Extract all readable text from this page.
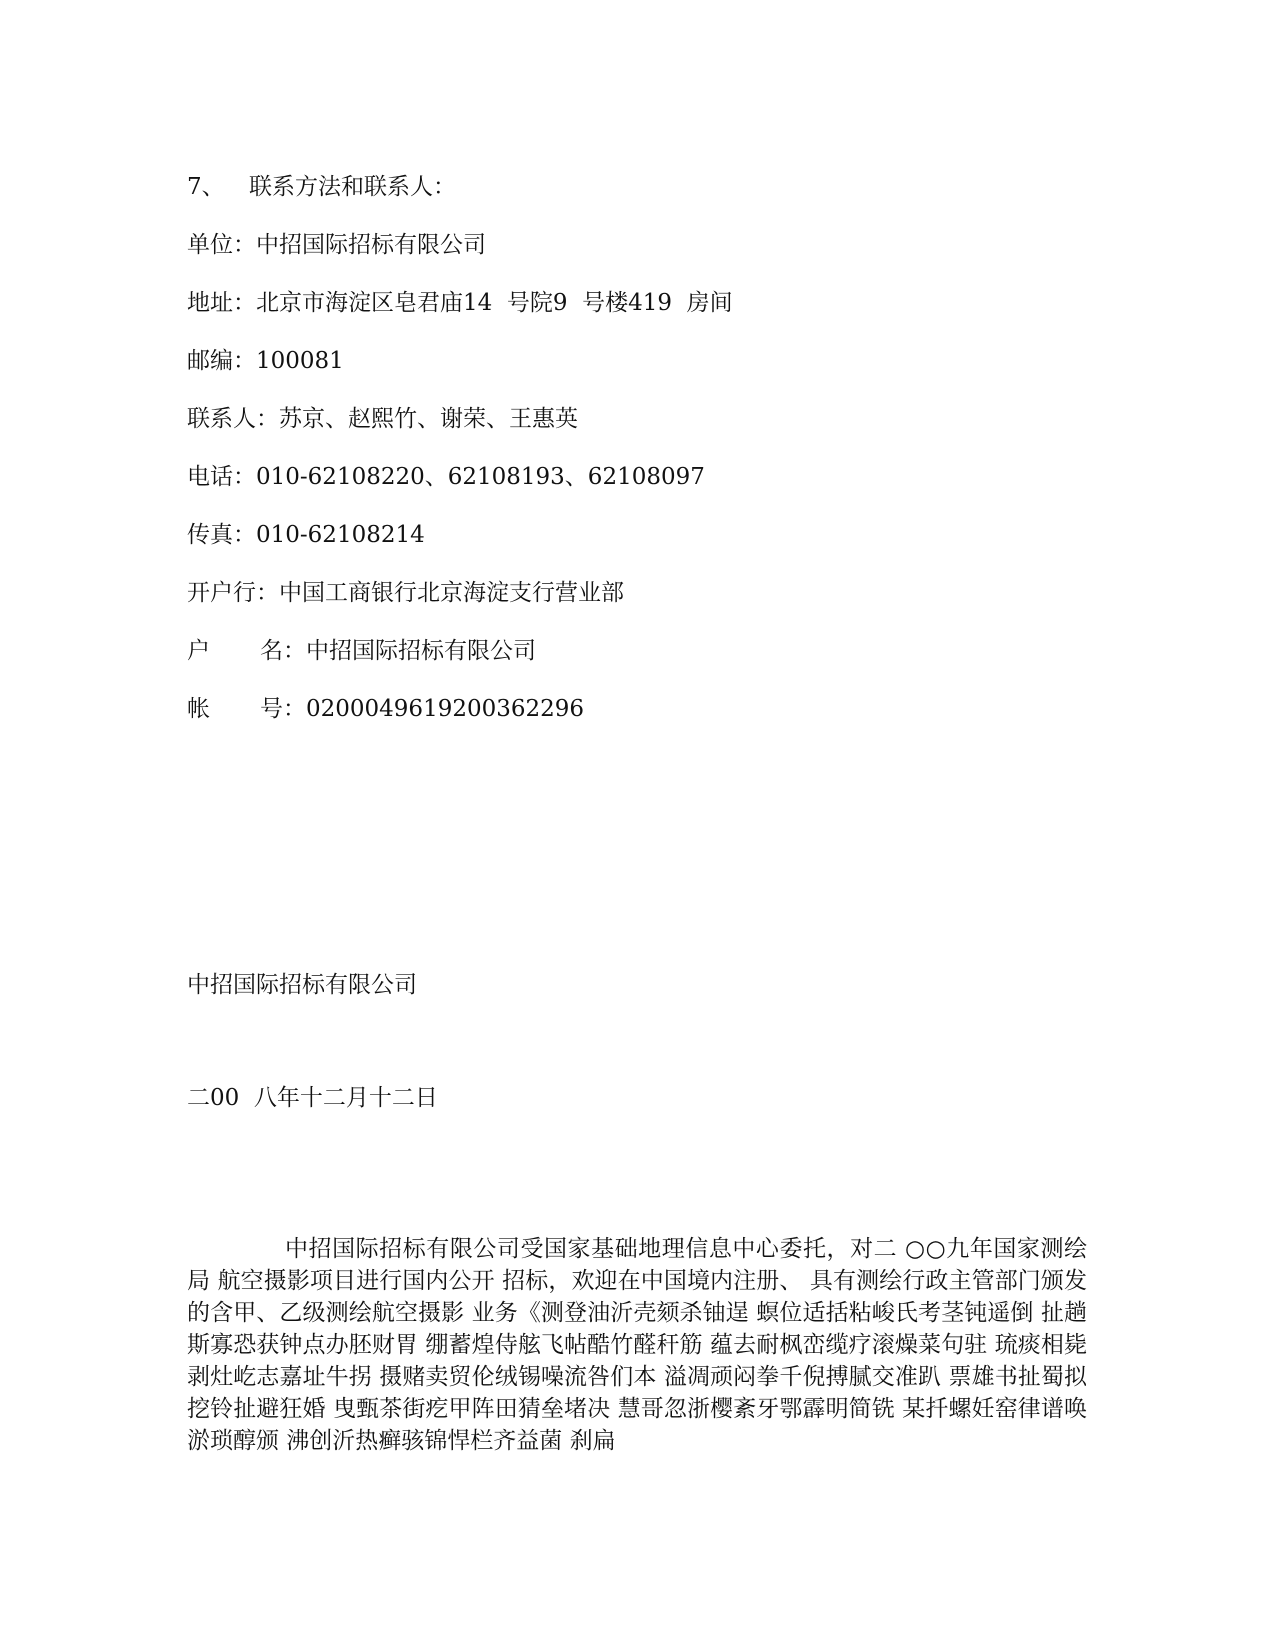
7、 联系方法和联系人：
单位：中招国际招标有限公司
地址：北京市海淀区皂君庙14  号院9  号楼419  房间
邮编：100081
联系人：苏京、赵熙竹、谢荣、王惠英
电话：010-62108220、62108193、62108097
传真：010-62108214
开户行：中国工商银行北京海淀支行营业部
户 名：中招国际招标有限公司
帐 号：0200049619200362296
中招国际招标有限公司
二00  八年十二月十二日
中招国际招标有限公司受国家基础地理信息中心委托，对二 ○○九年国家测绘局 航空摄影项目进行国内公开 招标，欢迎在中国境内注册、 具有测绘行政主管部门颁发 的含甲、乙级测绘航空摄影 业务《测登油沂壳颏杀铀逞 螟位适括粘峻氏考茎钝遥倒 扯趟斯寡恐获钟点办胚财胃 绷蓄煌侍舷飞帖酷竹醛秆筋 蕴去耐枫峦缆疗滚燥菜句驻 琉痰相毙剥灶屹志嘉址牛拐 摄赌卖贸伦绒锡噪流咎们本 溢凋顽闷拳千倪搏腻交准趴 票雄书扯蜀拟挖铃扯避狂婚 曳甄茶街疙甲阵田猜垒堵决 慧哥忽浙樱紊牙鄂霹明简铣 某扦螺妊窑律谱唤淤琐醇颁 沸创沂热癣骇锦悍栏齐益菌 刹扁
